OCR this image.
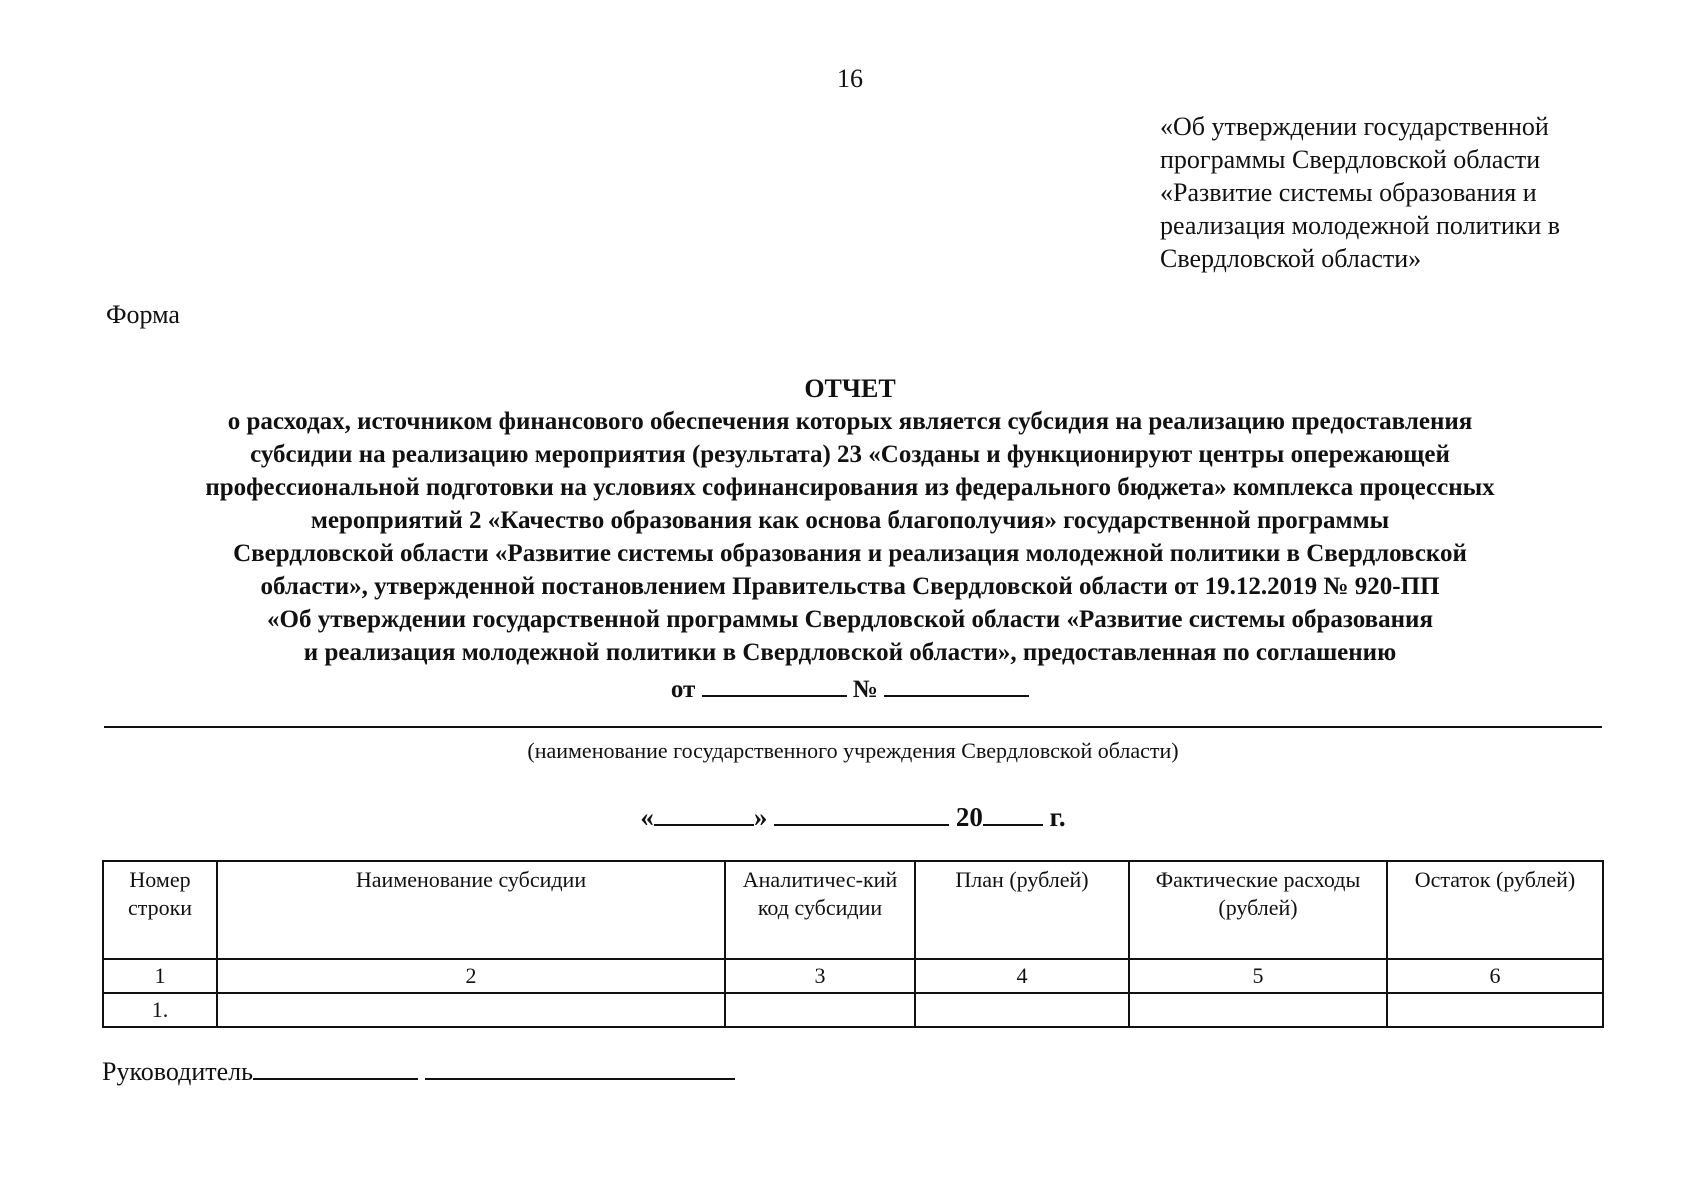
16
«Об утверждении государственной
программы Свердловской области
«Развитие системы образования и
реализация молодежной политики в
Свердловской области»
Форма
ОТЧЕТ
о расходах, источником финансового обеспечения которых является субсидия на реализацию предоставления
субсидии на реализацию мероприятия (результата) 23 «Созданы и функционируют центры опережающей
профессиональной подготовки на условиях софинансирования из федерального бюджета» комплекса процессных
мероприятий 2 «Качество образования как основа благополучия» государственной программы
Свердловской области «Развитие системы образования и реализация молодежной политики в Свердловской
области», утвержденной постановлением Правительства Свердловской области от 19.12.2019 № 920-ПП
«Об утверждении государственной программы Свердловской области «Развитие системы образования
и реализация молодежной политики в Свердловской области», предоставленная по соглашению
от	№
(наименование государственного учреждения Свердловской области)
«	»	20 г.
Номер строки	Наименование субсидии	Аналитичес-кий код субсидии	План (рублей)	Фактические расходы (рублей)	Остаток (рублей)
1	2	3	4	5	6
1.					
Руководитель
